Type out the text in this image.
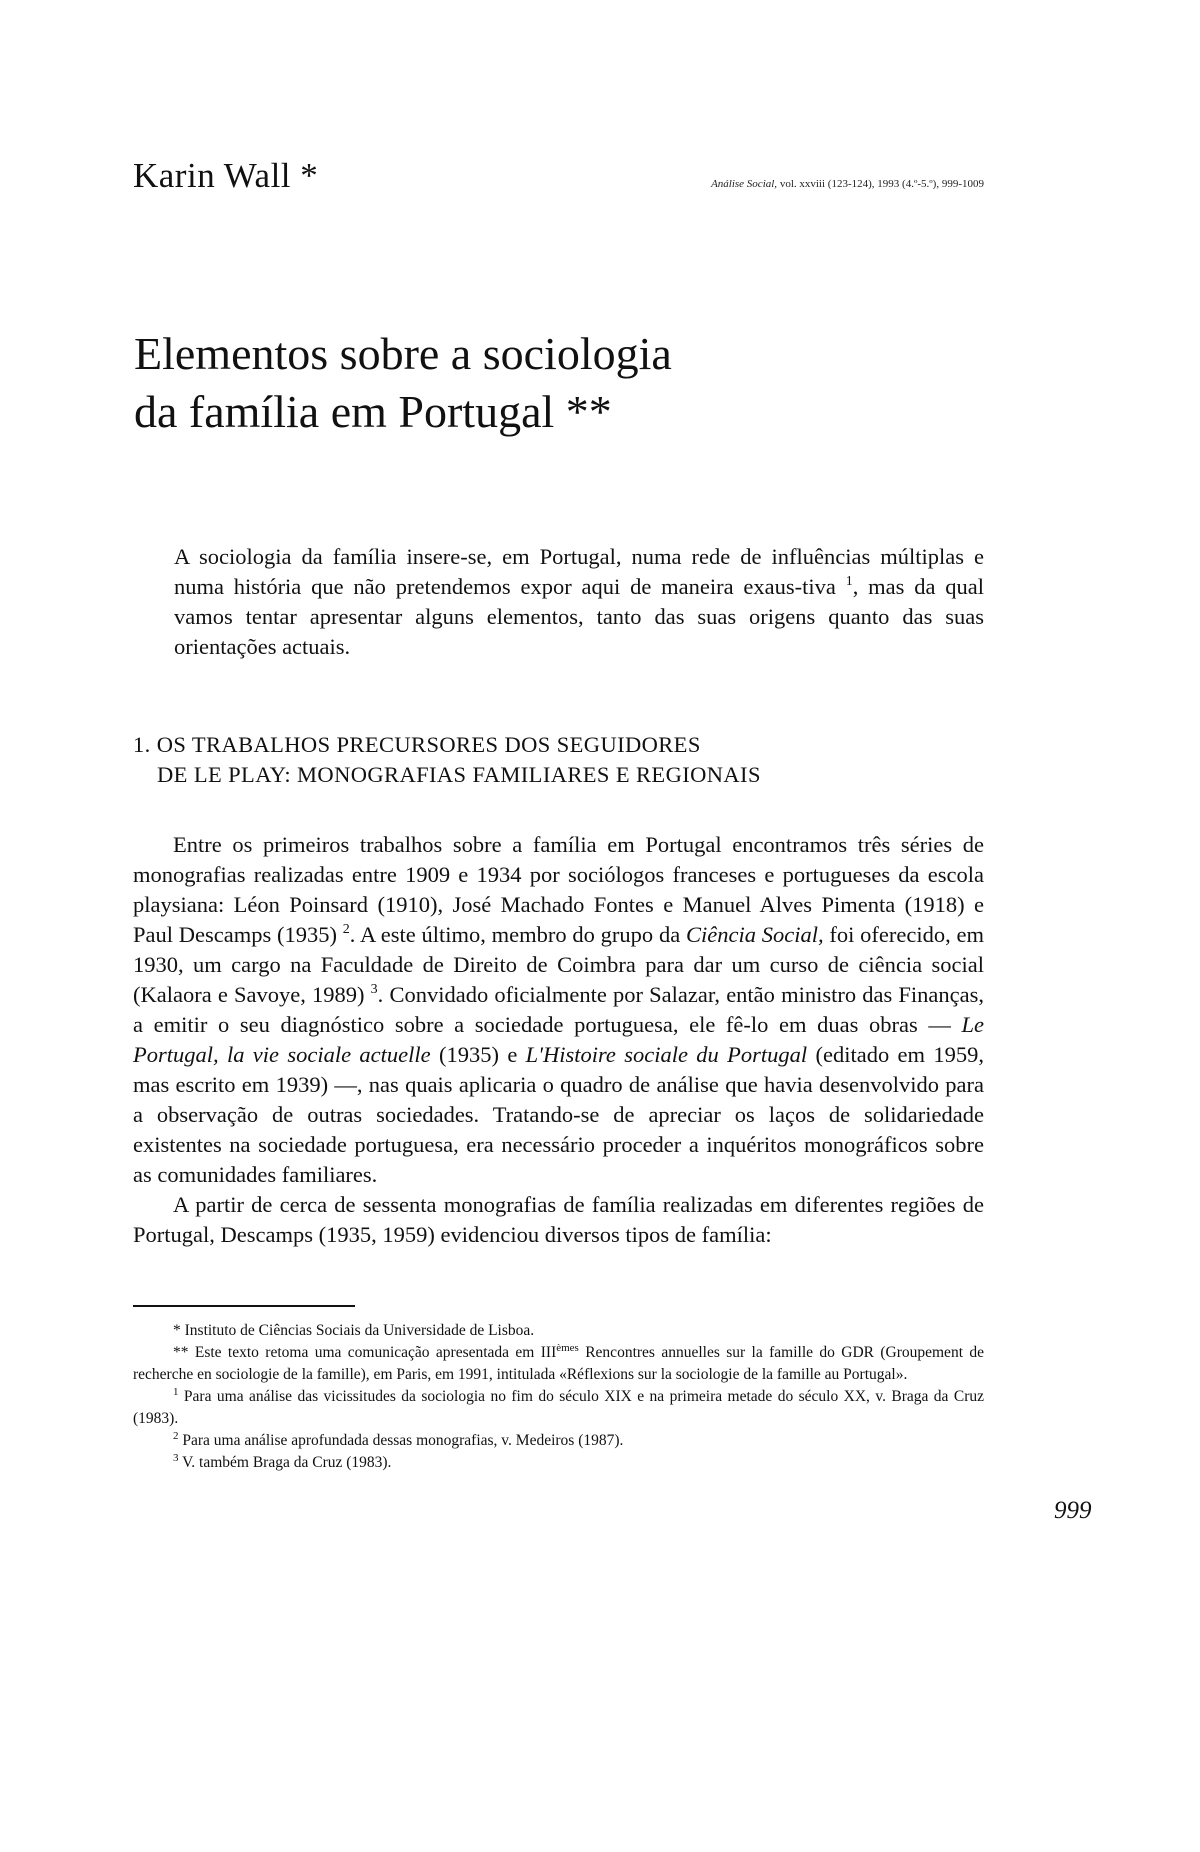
Karin Wall *	Análise Social, vol. xxviii (123-124), 1993 (4.º-5.º), 999-1009
Elementos sobre a sociologia
da família em Portugal **

A sociologia da família insere-se, em Portugal, numa rede de influências múltiplas e numa história que não pretendemos expor aqui de maneira exaus-tiva $^1$, mas da qual vamos tentar apresentar alguns elementos, tanto das suas origens quanto das suas orientações actuais.

1. OS TRABALHOS PRECURSORES DOS SEGUIDORES
DE LE PLAY: MONOGRAFIAS FAMILIARES E REGIONAIS

Entre os primeiros trabalhos sobre a família em Portugal encontramos três séries de monografias realizadas entre 1909 e 1934 por sociólogos franceses e portugueses da escola playsiana: Léon Poinsard (1910), José Machado Fontes e Manuel Alves Pimenta (1918) e Paul Descamps (1935) $^2$. A este último, membro do grupo da Ciência Social, foi oferecido, em 1930, um cargo na Faculdade de Direito de Coimbra para dar um curso de ciência social (Kalaora e Savoye, 1989) $^3$. Convidado oficialmente por Salazar, então ministro das Finanças, a emitir o seu diagnóstico sobre a sociedade portuguesa, ele fê-lo em duas obras — Le Portugal, la vie sociale actuelle (1935) e L'Histoire sociale du Portugal (editado em 1959, mas escrito em 1939) —, nas quais aplicaria o quadro de análise que havia desenvolvido para a observação de outras sociedades. Tratando-se de apreciar os laços de solidariedade existentes na sociedade portuguesa, era necessário proceder a inquéritos monográficos sobre as comunidades familiares.

A partir de cerca de sessenta monografias de família realizadas em diferentes regiões de Portugal, Descamps (1935, 1959) evidenciou diversos tipos de família:

* Instituto de Ciências Sociais da Universidade de Lisboa.

** Este texto retoma uma comunicação apresentada em IIIèmes Rencontres annuelles sur la famille do GDR (Groupement de recherche en sociologie de la famille), em Paris, em 1991, intitulada «Réflexions sur la sociologie de la famille au Portugal».

$^1$ Para uma análise das vicissitudes da sociologia no fim do século XIX e na primeira metade do século XX, v. Braga da Cruz (1983).

$^2$ Para uma análise aprofundada dessas monografias, v. Medeiros (1987).

$^3$ V. também Braga da Cruz (1983).

999
